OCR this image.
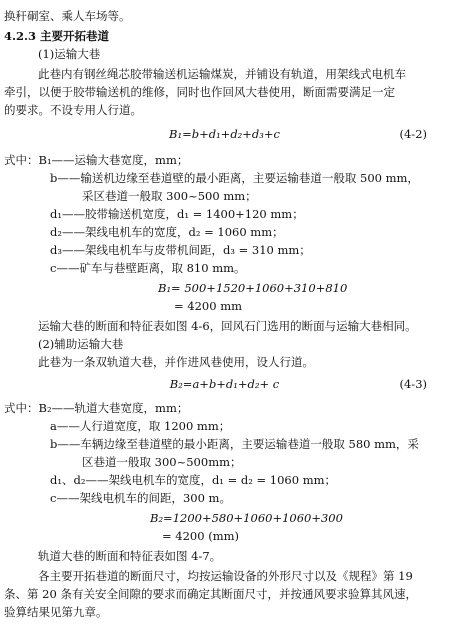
换秆硐室、乘人车场等。
4.2.3 主要开拓巷道
(1)运输大巷
此巷内有钢丝绳芯胶带输送机运输煤炭，并铺设有轨道，用架线式电机车
牵引，以便于胶带输送机的维修，同时也作回风大巷使用，断面需要满足一定
的要求。不设专用人行道。
B₁=b+d₁+d₂+d₃+c	(4-2)
式中：B₁——运输大巷宽度，mm；
b——输送机边缘至巷道壁的最小距离，主要运输巷道一般取 500 mm，
采区巷道一般取 300~500 mm；
d₁——胶带输送机宽度，d₁ = 1400+120 mm；
d₂——架线电机车的宽度，d₂ = 1060 mm；
d₃——架线电机车与皮带机间距，d₃ = 310 mm；
c——矿车与巷壁距离，取 810 mm。
B₁= 500+1520+1060+310+810
= 4200 mm
运输大巷的断面和特征表如图 4-6，回风石门选用的断面与运输大巷相同。
(2)辅助运输大巷
此巷为一条双轨道大巷，并作进风巷使用，设人行道。
B₂=a+b+d₁+d₂+ c	(4-3)
式中：B₂——轨道大巷宽度，mm；
a——人行道宽度，取 1200 mm；
b——车辆边缘至巷道壁的最小距离，主要运输巷道一般取 580 mm，采
区巷道一般取 300~500mm；
d₁、d₂——架线电机车的宽度，d₁ = d₂ = 1060 mm；
c——架线电机车的间距，300 m。
B₂=1200+580+1060+1060+300
= 4200 (mm)
轨道大巷的断面和特征表如图 4-7。
各主要开拓巷道的断面尺寸，均按运输设备的外形尺寸以及《规程》第 19
条、第 20 条有关安全间隙的要求而确定其断面尺寸，并按通风要求验算其风速，
验算结果见第九章。
